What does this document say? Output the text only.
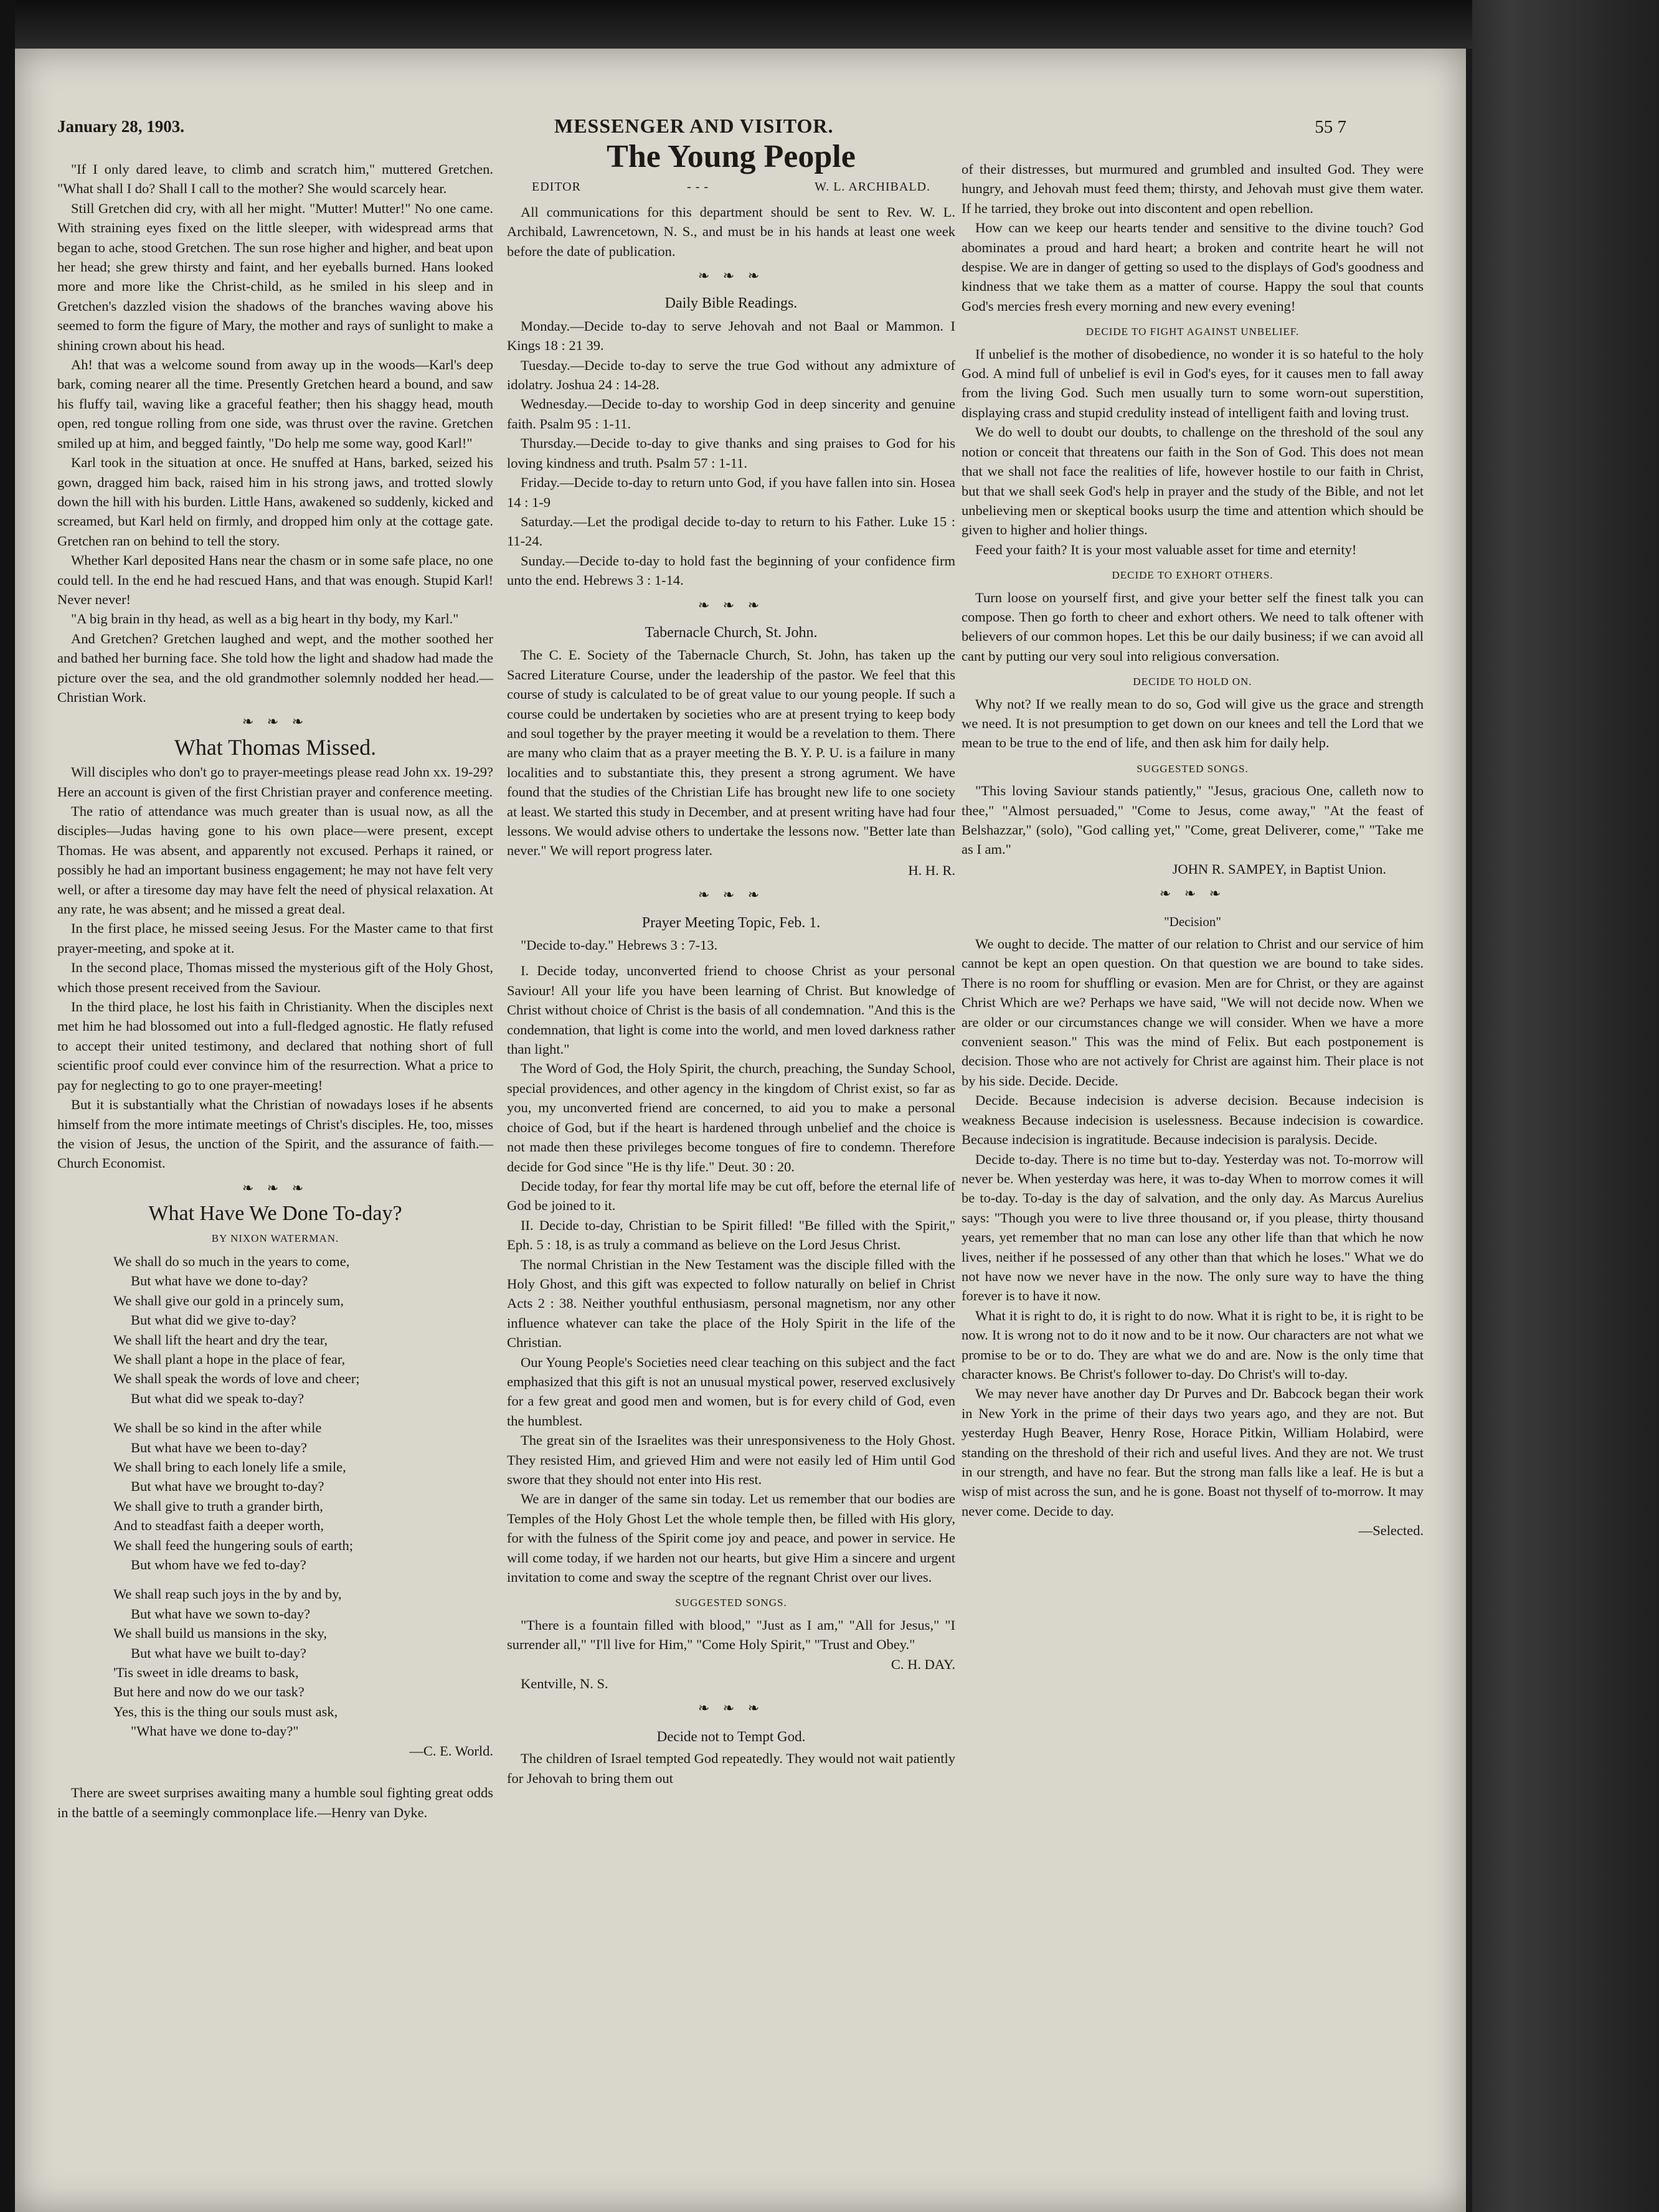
January 28, 1903.	MESSENGER AND VISITOR.	55 7

"If I only dared leave, to climb and scratch him," muttered Gretchen. "What shall I do? Shall I call to the mother? She would scarcely hear.

Still Gretchen did cry, with all her might. "Mutter! Mutter!" No one came. With straining eyes fixed on the little sleeper, with widespread arms that began to ache, stood Gretchen. The sun rose higher and higher, and beat upon her head; she grew thirsty and faint, and her eyeballs burned. Hans looked more and more like the Christ-child, as he smiled in his sleep and in Gretchen's dazzled vision the shadows of the branches waving above his seemed to form the figure of Mary, the mother and rays of sunlight to make a shining crown about his head.

Ah! that was a welcome sound from away up in the woods—Karl's deep bark, coming nearer all the time. Presently Gretchen heard a bound, and saw his fluffy tail, waving like a graceful feather; then his shaggy head, mouth open, red tongue rolling from one side, was thrust over the ravine. Gretchen smiled up at him, and begged faintly, "Do help me some way, good Karl!"

Karl took in the situation at once. He snuffed at Hans, barked, seized his gown, dragged him back, raised him in his strong jaws, and trotted slowly down the hill with his burden. Little Hans, awakened so suddenly, kicked and screamed, but Karl held on firmly, and dropped him only at the cottage gate. Gretchen ran on behind to tell the story.

Whether Karl deposited Hans near the chasm or in some safe place, no one could tell. In the end he had rescued Hans, and that was enough. Stupid Karl! Never never!

"A big brain in thy head, as well as a big heart in thy body, my Karl."

And Gretchen? Gretchen laughed and wept, and the mother soothed her and bathed her burning face. She told how the light and shadow had made the picture over the sea, and the old grandmother solemnly nodded her head.—Christian Work.

❧ ❧ ❧
What Thomas Missed.

Will disciples who don't go to prayer-meetings please read John xx. 19-29? Here an account is given of the first Christian prayer and conference meeting.

The ratio of attendance was much greater than is usual now, as all the disciples—Judas having gone to his own place—were present, except Thomas. He was absent, and apparently not excused. Perhaps it rained, or possibly he had an important business engagement; he may not have felt very well, or after a tiresome day may have felt the need of physical relaxation. At any rate, he was absent; and he missed a great deal.

In the first place, he missed seeing Jesus. For the Master came to that first prayer-meeting, and spoke at it.

In the second place, Thomas missed the mysterious gift of the Holy Ghost, which those present received from the Saviour.

In the third place, he lost his faith in Christianity. When the disciples next met him he had blossomed out into a full-fledged agnostic. He flatly refused to accept their united testimony, and declared that nothing short of full scientific proof could ever convince him of the resurrection. What a price to pay for neglecting to go to one prayer-meeting!

But it is substantially what the Christian of nowadays loses if he absents himself from the more intimate meetings of Christ's disciples. He, too, misses the vision of Jesus, the unction of the Spirit, and the assurance of faith.—Church Economist.

❧ ❧ ❧
What Have We Done To-day?
BY NIXON WATERMAN.
We shall do so much in the years to come,
But what have we done to-day?
We shall give our gold in a princely sum,
But what did we give to-day?
We shall lift the heart and dry the tear,
We shall plant a hope in the place of fear,
We shall speak the words of love and cheer;
But what did we speak to-day?
We shall be so kind in the after while
But what have we been to-day?
We shall bring to each lonely life a smile,
But what have we brought to-day?
We shall give to truth a grander birth,
And to steadfast faith a deeper worth,
We shall feed the hungering souls of earth;
But whom have we fed to-day?
We shall reap such joys in the by and by,
But what have we sown to-day?
We shall build us mansions in the sky,
But what have we built to-day?
'Tis sweet in idle dreams to bask,
But here and now do we our task?
Yes, this is the thing our souls must ask,
"What have we done to-day?"
—C. E. World.

There are sweet surprises awaiting many a humble soul fighting great odds in the battle of a seemingly commonplace life.—Henry van Dyke.

The Young People
EDITOR	- - -	W. L. ARCHIBALD.

All communications for this department should be sent to Rev. W. L. Archibald, Lawrencetown, N. S., and must be in his hands at least one week before the date of publication.

❧ ❧ ❧
Daily Bible Readings.

Monday.—Decide to-day to serve Jehovah and not Baal or Mammon. I Kings 18 : 21 39.

Tuesday.—Decide to-day to serve the true God without any admixture of idolatry. Joshua 24 : 14-28.

Wednesday.—Decide to-day to worship God in deep sincerity and genuine faith. Psalm 95 : 1-11.

Thursday.—Decide to-day to give thanks and sing praises to God for his loving kindness and truth. Psalm 57 : 1-11.

Friday.—Decide to-day to return unto God, if you have fallen into sin. Hosea 14 : 1-9

Saturday.—Let the prodigal decide to-day to return to his Father. Luke 15 : 11-24.

Sunday.—Decide to-day to hold fast the beginning of your confidence firm unto the end. Hebrews 3 : 1-14.

❧ ❧ ❧
Tabernacle Church, St. John.

The C. E. Society of the Tabernacle Church, St. John, has taken up the Sacred Literature Course, under the leadership of the pastor. We feel that this course of study is calculated to be of great value to our young people. If such a course could be undertaken by societies who are at present trying to keep body and soul together by the prayer meeting it would be a revelation to them. There are many who claim that as a prayer meeting the B. Y. P. U. is a failure in many localities and to substantiate this, they present a strong agrument. We have found that the studies of the Christian Life has brought new life to one society at least. We started this study in December, and at present writing have had four lessons. We would advise others to undertake the lessons now. "Better late than never." We will report progress later.

H. H. R.
❧ ❧ ❧
Prayer Meeting Topic, Feb. 1.

"Decide to-day." Hebrews 3 : 7-13.

I. Decide today, unconverted friend to choose Christ as your personal Saviour! All your life you have been learning of Christ. But knowledge of Christ without choice of Christ is the basis of all condemnation. "And this is the condemnation, that light is come into the world, and men loved darkness rather than light."

The Word of God, the Holy Spirit, the church, preaching, the Sunday School, special providences, and other agency in the kingdom of Christ exist, so far as you, my unconverted friend are concerned, to aid you to make a personal choice of God, but if the heart is hardened through unbelief and the choice is not made then these privileges become tongues of fire to condemn. Therefore decide for God since "He is thy life." Deut. 30 : 20.

Decide today, for fear thy mortal life may be cut off, before the eternal life of God be joined to it.

II. Decide to-day, Christian to be Spirit filled! "Be filled with the Spirit," Eph. 5 : 18, is as truly a command as believe on the Lord Jesus Christ.

The normal Christian in the New Testament was the disciple filled with the Holy Ghost, and this gift was expected to follow naturally on belief in Christ Acts 2 : 38. Neither youthful enthusiasm, personal magnetism, nor any other influence whatever can take the place of the Holy Spirit in the life of the Christian.

Our Young People's Societies need clear teaching on this subject and the fact emphasized that this gift is not an unusual mystical power, reserved exclusively for a few great and good men and women, but is for every child of God, even the humblest.

The great sin of the Israelites was their unresponsiveness to the Holy Ghost. They resisted Him, and grieved Him and were not easily led of Him until God swore that they should not enter into His rest.

We are in danger of the same sin today. Let us remember that our bodies are Temples of the Holy Ghost Let the whole temple then, be filled with His glory, for with the fulness of the Spirit come joy and peace, and power in service. He will come today, if we harden not our hearts, but give Him a sincere and urgent invitation to come and sway the sceptre of the regnant Christ over our lives.

SUGGESTED SONGS.

"There is a fountain filled with blood," "Just as I am," "All for Jesus," "I surrender all," "I'll live for Him," "Come Holy Spirit," "Trust and Obey."

C. H. DAY.

Kentville, N. S.

❧ ❧ ❧
Decide not to Tempt God.

The children of Israel tempted God repeatedly. They would not wait patiently for Jehovah to bring them out

of their distresses, but murmured and grumbled and insulted God. They were hungry, and Jehovah must feed them; thirsty, and Jehovah must give them water. If he tarried, they broke out into discontent and open rebellion.

How can we keep our hearts tender and sensitive to the divine touch? God abominates a proud and hard heart; a broken and contrite heart he will not despise. We are in danger of getting so used to the displays of God's goodness and kindness that we take them as a matter of course. Happy the soul that counts God's mercies fresh every morning and new every evening!

DECIDE TO FIGHT AGAINST UNBELIEF.

If unbelief is the mother of disobedience, no wonder it is so hateful to the holy God. A mind full of unbelief is evil in God's eyes, for it causes men to fall away from the living God. Such men usually turn to some worn-out superstition, displaying crass and stupid credulity instead of intelligent faith and loving trust.

We do well to doubt our doubts, to challenge on the threshold of the soul any notion or conceit that threatens our faith in the Son of God. This does not mean that we shall not face the realities of life, however hostile to our faith in Christ, but that we shall seek God's help in prayer and the study of the Bible, and not let unbelieving men or skeptical books usurp the time and attention which should be given to higher and holier things.

Feed your faith? It is your most valuable asset for time and eternity!

DECIDE TO EXHORT OTHERS.

Turn loose on yourself first, and give your better self the finest talk you can compose. Then go forth to cheer and exhort others. We need to talk oftener with believers of our common hopes. Let this be our daily business; if we can avoid all cant by putting our very soul into religious conversation.

DECIDE TO HOLD ON.

Why not? If we really mean to do so, God will give us the grace and strength we need. It is not presumption to get down on our knees and tell the Lord that we mean to be true to the end of life, and then ask him for daily help.

SUGGESTED SONGS.

"This loving Saviour stands patiently," "Jesus, gracious One, calleth now to thee," "Almost persuaded," "Come to Jesus, come away," "At the feast of Belshazzar," (solo), "God calling yet," "Come, great Deliverer, come," "Take me as I am."

JOHN R. SAMPEY, in Baptist Union.
❧ ❧ ❧
"Decision"

We ought to decide. The matter of our relation to Christ and our service of him cannot be kept an open question. On that question we are bound to take sides. There is no room for shuffling or evasion. Men are for Christ, or they are against Christ Which are we? Perhaps we have said, "We will not decide now. When we are older or our circumstances change we will consider. When we have a more convenient season." This was the mind of Felix. But each postponement is decision. Those who are not actively for Christ are against him. Their place is not by his side. Decide. Decide.

Decide. Because indecision is adverse decision. Because indecision is weakness Because indecision is uselessness. Because indecision is cowardice. Because indecision is ingratitude. Because indecision is paralysis. Decide.

Decide to-day. There is no time but to-day. Yesterday was not. To-morrow will never be. When yesterday was here, it was to-day When to morrow comes it will be to-day. To-day is the day of salvation, and the only day. As Marcus Aurelius says: "Though you were to live three thousand or, if you please, thirty thousand years, yet remember that no man can lose any other life than that which he now lives, neither if he possessed of any other than that which he loses." What we do not have now we never have in the now. The only sure way to have the thing forever is to have it now.

What it is right to do, it is right to do now. What it is right to be, it is right to be now. It is wrong not to do it now and to be it now. Our characters are not what we promise to be or to do. They are what we do and are. Now is the only time that character knows. Be Christ's follower to-day. Do Christ's will to-day.

We may never have another day Dr Purves and Dr. Babcock began their work in New York in the prime of their days two years ago, and they are not. But yesterday Hugh Beaver, Henry Rose, Horace Pitkin, William Holabird, were standing on the threshold of their rich and useful lives. And they are not. We trust in our strength, and have no fear. But the strong man falls like a leaf. He is but a wisp of mist across the sun, and he is gone. Boast not thyself of to-morrow. It may never come. Decide to day.

—Selected.
